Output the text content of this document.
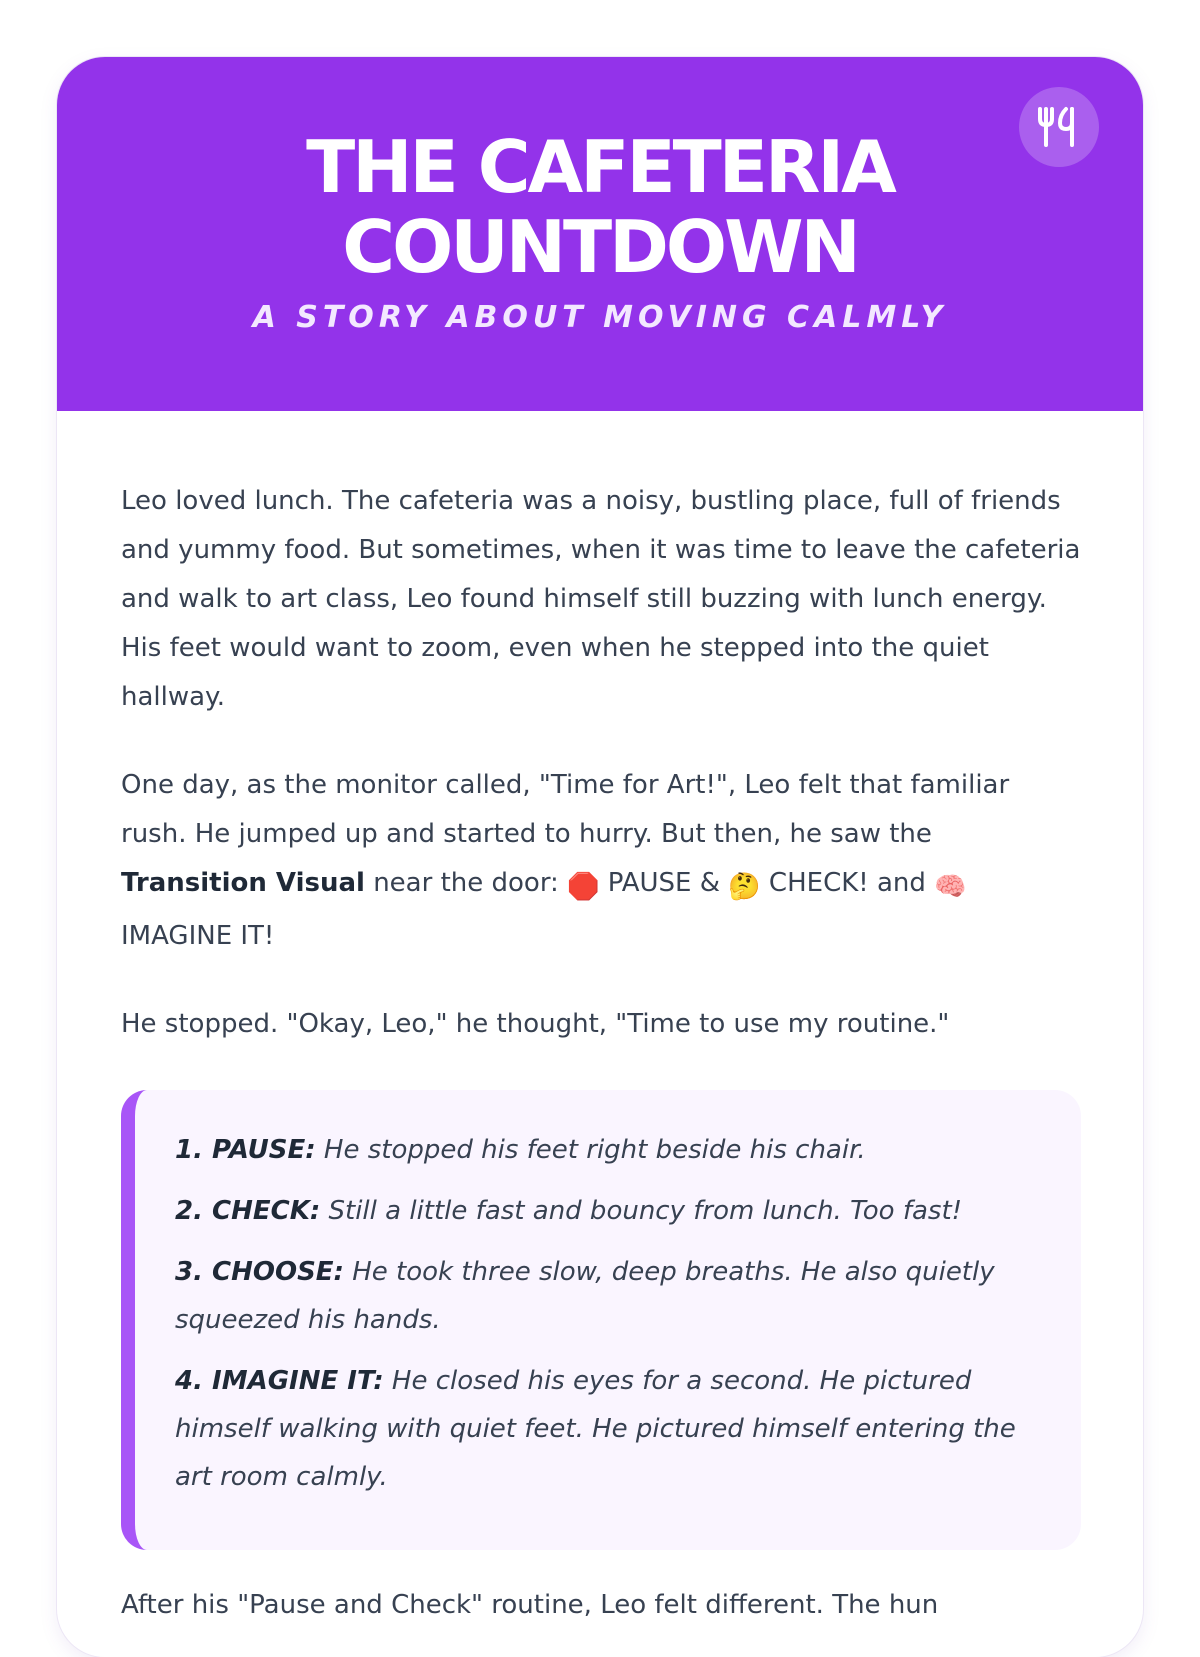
THE CAFETERIA
COUNTDOWN
A STORY ABOUT MOVING CALMLY

Leo loved lunch. The cafeteria was a noisy, bustling place, full of friends and yummy food. But sometimes, when it was time to leave the cafeteria and walk to art class, Leo found himself still buzzing with lunch energy. His feet would want to zoom, even when he stepped into the quiet hallway.

One day, as the monitor called, "Time for Art!", Leo felt that familiar rush. He jumped up and started to hurry. But then, he saw the Transition Visual near the door: 🛑 PAUSE & 🤔 CHECK! and 🧠 IMAGINE IT!

He stopped. "Okay, Leo," he thought, "Time to use my routine."

1. PAUSE: He stopped his feet right beside his chair.
2. CHECK: Still a little fast and bouncy from lunch. Too fast!
3. CHOOSE: He took three slow, deep breaths. He also quietly squeezed his hands.
4. IMAGINE IT: He closed his eyes for a second. He pictured himself walking with quiet feet. He pictured himself entering the art room calmly.
After his "Pause and Check" routine, Leo felt different. The hun
